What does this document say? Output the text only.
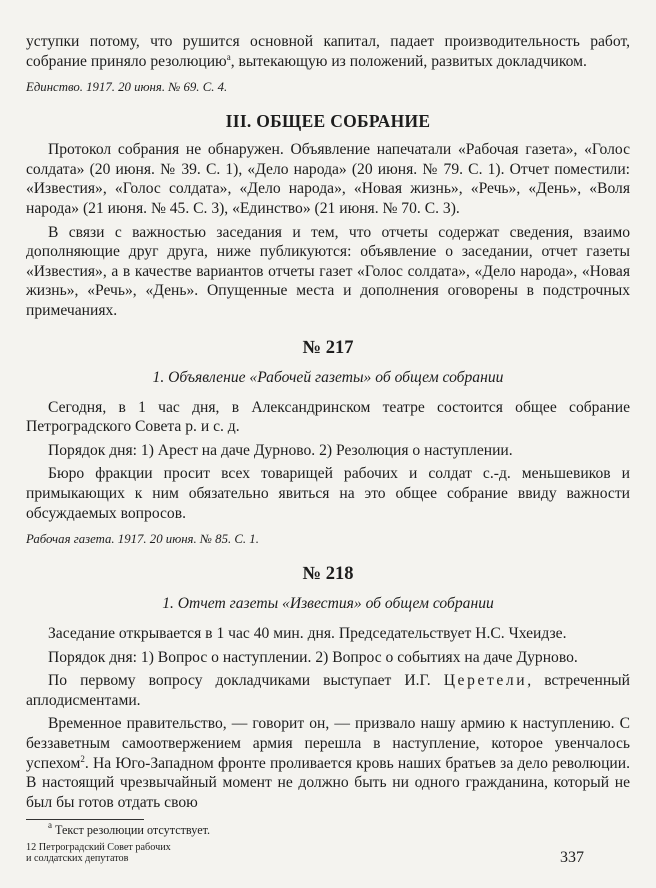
уступки потому, что рушится основной капитал, падает производительность работ, собрание приняло резолюцию$^а$, вытекающую из положений, развитых докладчиком.

Единство. 1917. 20 июня. № 69. С. 4.

III. ОБЩЕЕ СОБРАНИЕ

Протокол собрания не обнаружен. Объявление напечатали «Рабочая газета», «Голос солдата» (20 июня. № 39. С. 1), «Дело народа» (20 июня. № 79. С. 1). Отчет поместили: «Известия», «Голос солдата», «Дело народа», «Новая жизнь», «Речь», «День», «Воля народа» (21 июня. № 45. С. 3), «Единство» (21 июня. № 70. С. 3).

В связи с важностью заседания и тем, что отчеты содержат сведения, взаимо дополняющие друг друга, ниже публикуются: объявление о заседании, отчет газеты «Известия», а в качестве вариантов отчеты газет «Голос солдата», «Дело народа», «Новая жизнь», «Речь», «День». Опущенные места и дополнения оговорены в подстрочных примечаниях.

№ 217
1. Объявление «Рабочей газеты» об общем собрании

Сегодня, в 1 час дня, в Александринском театре состоится общее собрание Петроградского Совета р. и с. д.

Порядок дня: 1) Арест на даче Дурново. 2) Резолюция о наступлении.

Бюро фракции просит всех товарищей рабочих и солдат с.-д. меньшевиков и примыкающих к ним обязательно явиться на это общее собрание ввиду важности обсуждаемых вопросов.

Рабочая газета. 1917. 20 июня. № 85. С. 1.

№ 218
1. Отчет газеты «Известия» об общем собрании

Заседание открывается в 1 час 40 мин. дня. Председательствует Н.С. Чхеидзе.

Порядок дня: 1) Вопрос о наступлении. 2) Вопрос о событиях на даче Дурново.

По первому вопросу докладчиками выступает И.Г. Церетели, встреченный аплодисментами.

Временное правительство, — говорит он, — призвало нашу армию к наступлению. С беззаветным самоотвержением армия перешла в наступление, которое увенчалось успехом$^2$. На Юго-Западном фронте проливается кровь наших братьев за дело революции. В настоящий чрезвычайный момент не должно быть ни одного гражданина, который не был бы готов отдать свою

$^а$ Текст резолюции отсутствует.

12 Петроградский Совет рабочих
и солдатских депутатов	337
